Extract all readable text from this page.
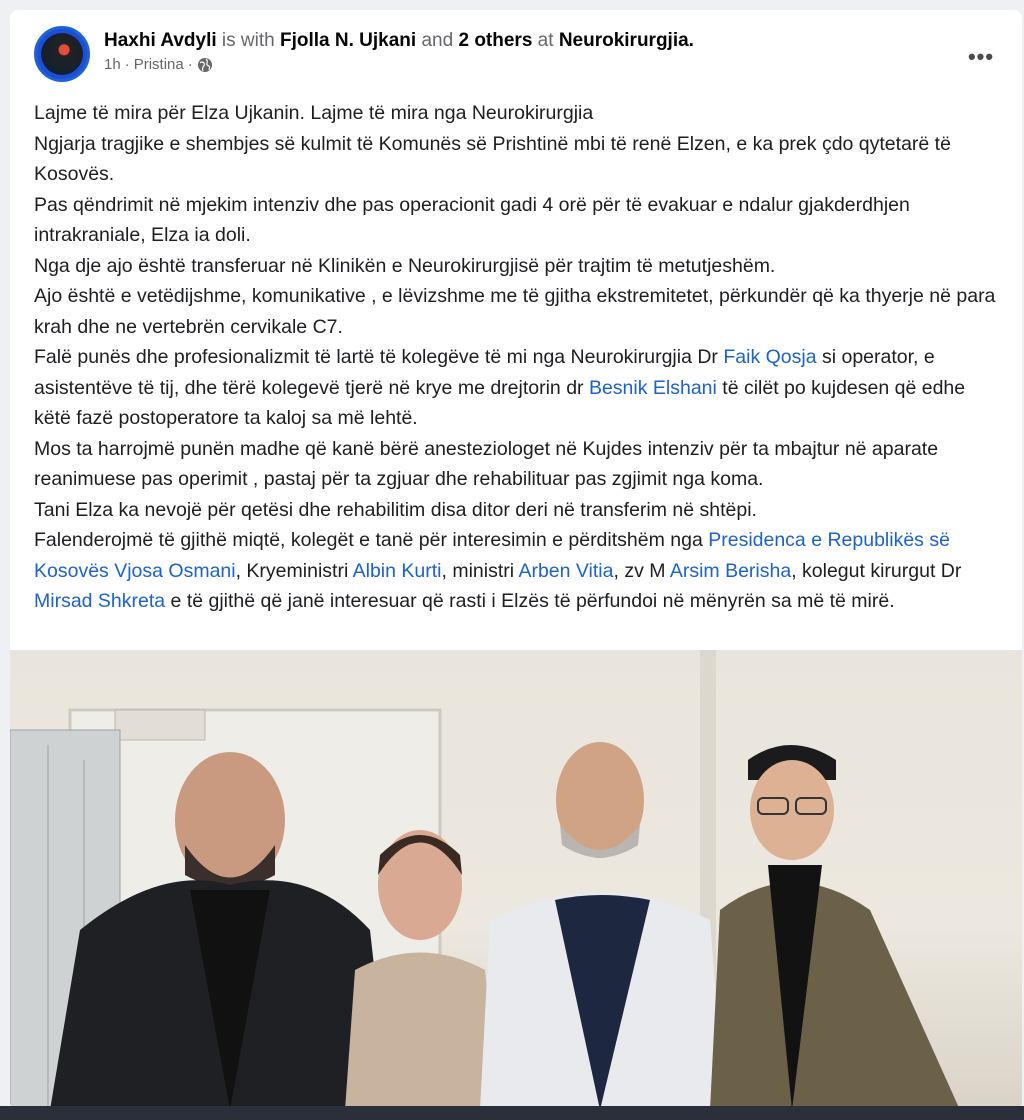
Haxhi Avdyli is with Fjolla N. Ujkani and 2 others at Neurokirurgjia.
1h · Pristina ·	•••

Lajme të mira për Elza Ujkanin. Lajme të mira nga Neurokirurgjia

Ngjarja tragjike e shembjes së kulmit të Komunës së Prishtinë mbi të renë Elzen, e ka prek çdo qytetarë të Kosovës.

Pas qëndrimit në mjekim intenziv dhe pas operacionit gadi 4 orë për të evakuar e ndalur gjakderdhjen intrakraniale, Elza ia doli.

Nga dje ajo është transferuar në Klinikën e Neurokirurgjisë për trajtim të metutjeshëm.

Ajo është e vetëdijshme, komunikative , e lëvizshme me të gjitha ekstremitetet, përkundër që ka thyerje në para krah dhe ne vertebrën cervikale C7.

Falë punës dhe profesionalizmit të lartë të kolegëve të mi nga Neurokirurgjia Dr Faik Qosja si operator, e asistentëve të tij, dhe tërë kolegevë tjerë në krye me drejtorin dr Besnik Elshani të cilët po kujdesen që edhe këtë fazë postoperatore ta kaloj sa më lehtë.

Mos ta harrojmë punën madhe që kanë bërë anesteziologet në Kujdes intenziv për ta mbajtur në aparate reanimuese pas operimit , pastaj për ta zgjuar dhe rehabilituar pas zgjimit nga koma.

Tani Elza ka nevojë për qetësi dhe rehabilitim disa ditor deri në transferim në shtëpi.

Falenderojmë të gjithë miqtë, kolegët e tanë për interesimin e përditshëm nga Presidenca e Republikës së Kosovës Vjosa Osmani, Kryeministri Albin Kurti, ministri Arben Vitia, zv M Arsim Berisha, kolegut kirurgut Dr Mirsad Shkreta e të gjithë që janë interesuar që rasti i Elzës të përfundoi në mënyrën sa më të mirë.
